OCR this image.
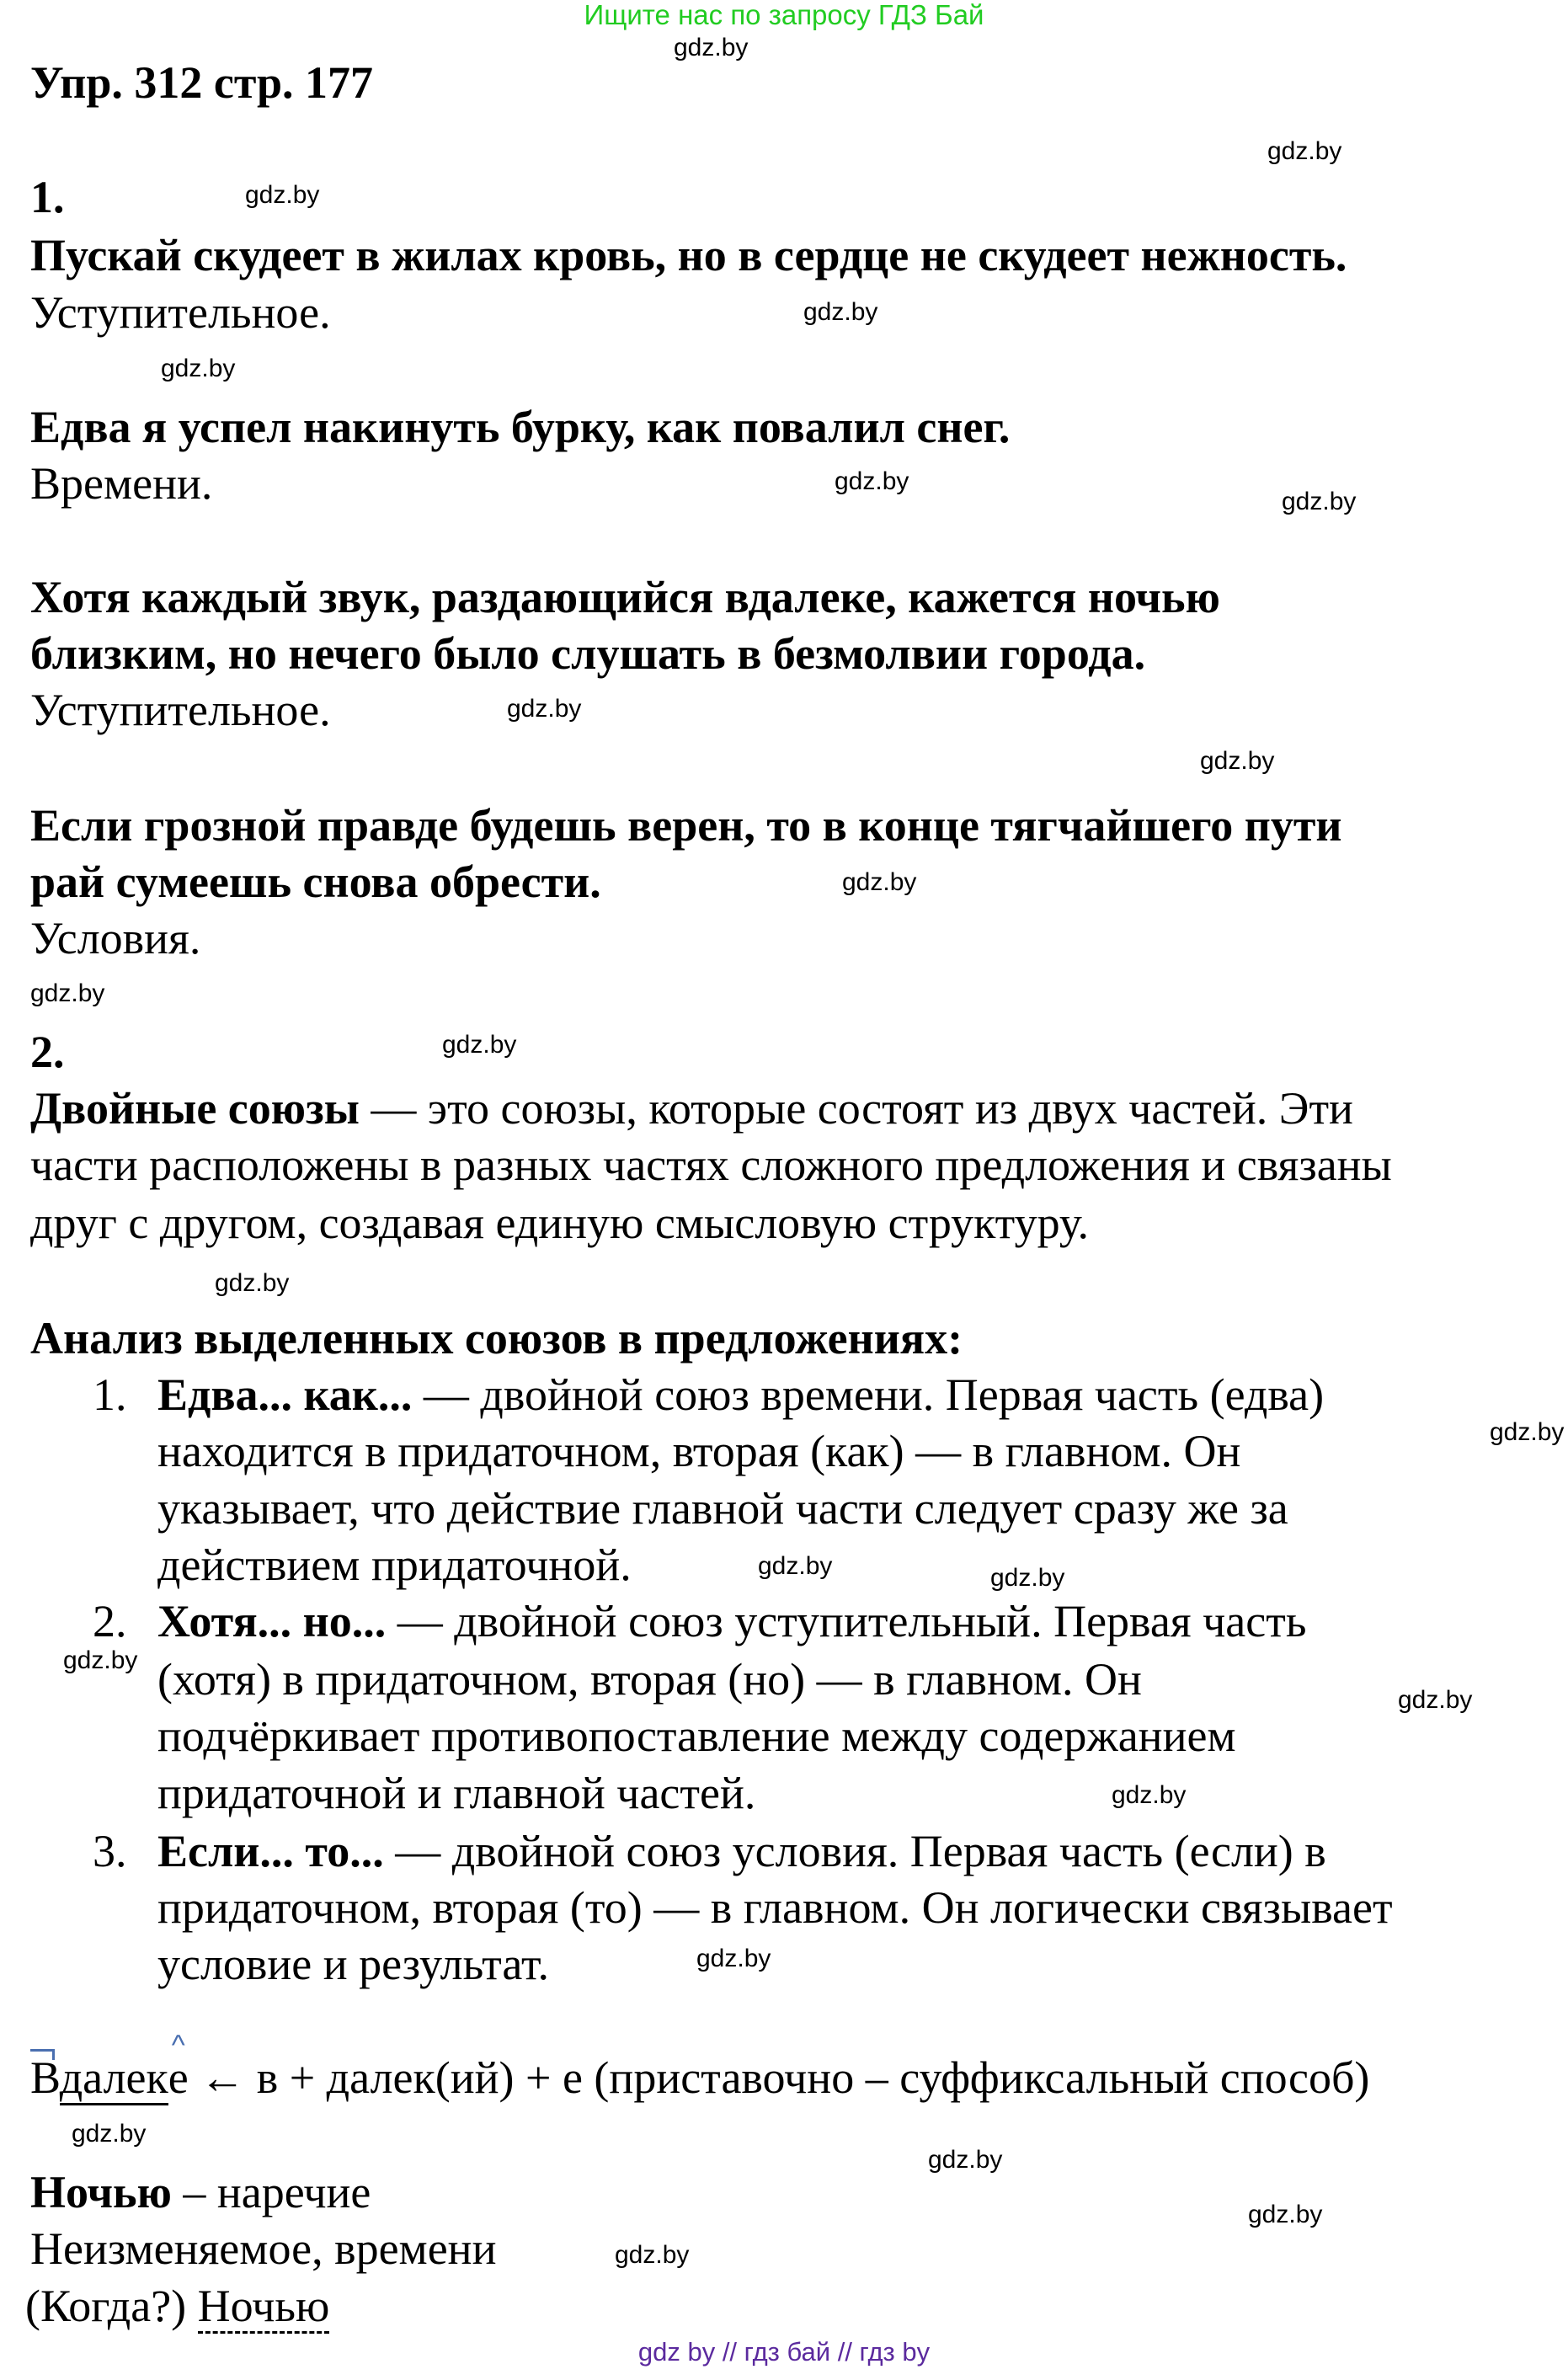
Ищите нас по запросу ГДЗ Бай
Упр. 312 стр. 177
1.
Пускай скудеет в жилах кровь, но в сердце не скудеет нежность.
Уступительное.
Едва я успел накинуть бурку, как повалил снег.
Времени.
Хотя каждый звук, раздающийся вдалеке, кажется ночью
близким, но нечего было слушать в безмолвии города.
Уступительное.
Если грозной правде будешь верен, то в конце тягчайшего пути
рай сумеешь снова обрести.
Условия.
2.
Двойные союзы — это союзы, которые состоят из двух частей. Эти
части расположены в разных частях сложного предложения и связаны
друг с другом, создавая единую смысловую структуру.
Анализ выделенных союзов в предложениях:
1. Едва... как... — двойной союз времени. Первая часть (едва)
находится в придаточном, вторая (как) — в главном. Он
указывает, что действие главной части следует сразу же за
действием придаточной.
2. Хотя... но... — двойной союз уступительный. Первая часть
(хотя) в придаточном, вторая (но) — в главном. Он
подчёркивает противопоставление между содержанием
придаточной и главной частей.
3. Если... то... — двойной союз условия. Первая часть (если) в
придаточном, вторая (то) — в главном. Он логически связывает
условие и результат.
Вдалек^ е ← в + далек(ий) + е (приставочно – суффиксальный способ)
Ночью – наречие
Неизменяемое, времени
(Когда?) Ночью
gdz.by
gdz.by
gdz.by
gdz.by
gdz.by
gdz.by
gdz.by
gdz.by
gdz.by
gdz.by
gdz.by
gdz.by
gdz.by
gdz.by
gdz.by	gdz.by
gdz.by
gdz.by
gdz.by
gdz.by
gdz.by
gdz.by
gdz.by
gdz.by
gdz by // гдз бай // гдз by
